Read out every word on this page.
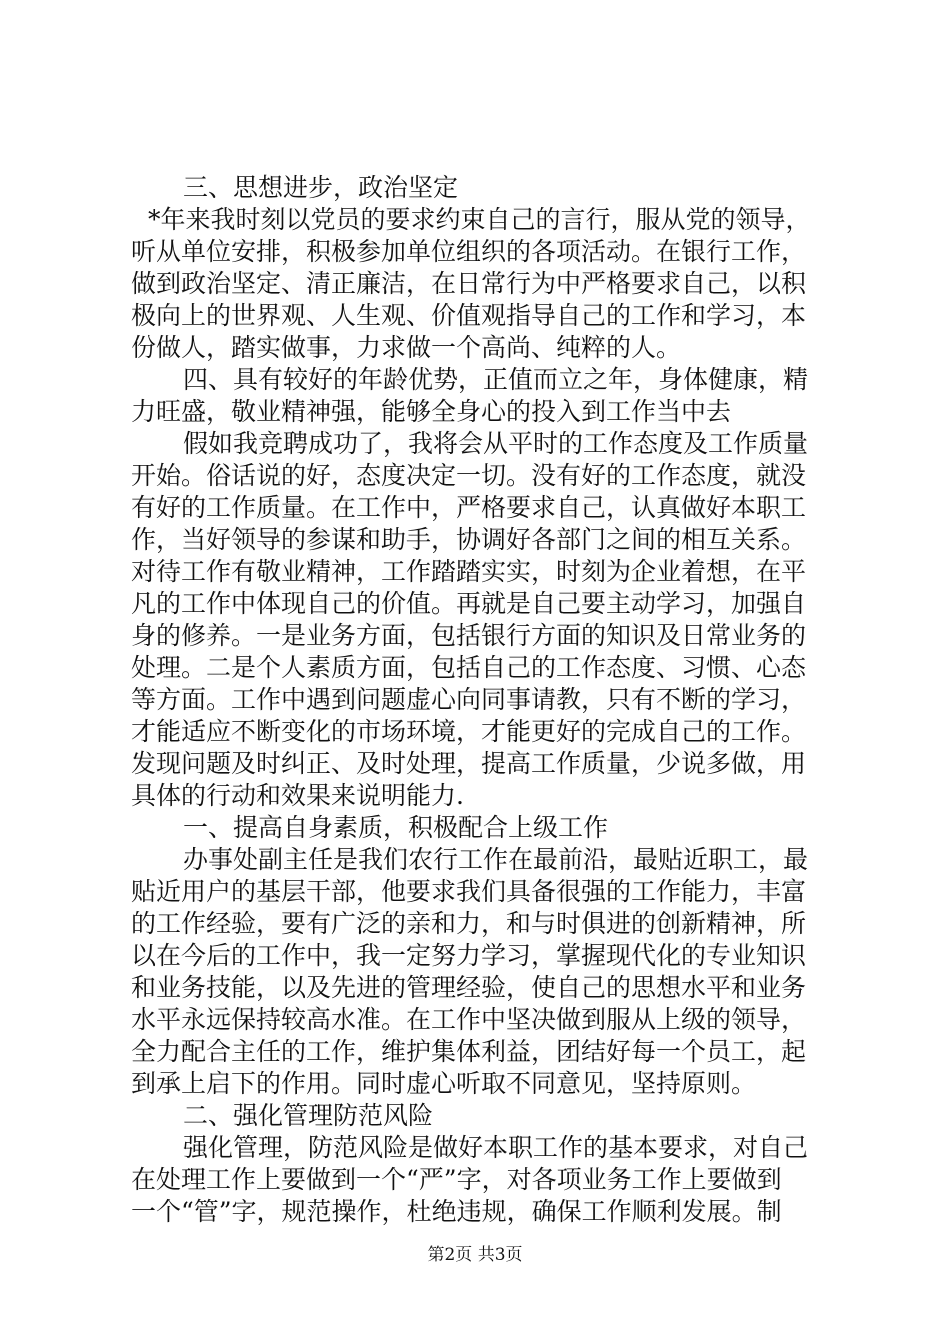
三、思想进步，政治坚定
*年来我时刻以党员的要求约束自己的言行，服从党的领导，
听从单位安排，积极参加单位组织的各项活动。在银行工作，
做到政治坚定、清正廉洁，在日常行为中严格要求自己，以积
极向上的世界观、人生观、价值观指导自己的工作和学习，本
份做人，踏实做事，力求做一个高尚、纯粹的人。
四、具有较好的年龄优势，正值而立之年，身体健康，精
力旺盛，敬业精神强，能够全身心的投入到工作当中去
假如我竞聘成功了，我将会从平时的工作态度及工作质量
开始。俗话说的好，态度决定一切。没有好的工作态度，就没
有好的工作质量。在工作中，严格要求自己，认真做好本职工
作，当好领导的参谋和助手，协调好各部门之间的相互关系。
对待工作有敬业精神，工作踏踏实实，时刻为企业着想，在平
凡的工作中体现自己的价值。再就是自己要主动学习，加强自
身的修养。一是业务方面，包括银行方面的知识及日常业务的
处理。二是个人素质方面，包括自己的工作态度、习惯、心态
等方面。工作中遇到问题虚心向同事请教，只有不断的学习，
才能适应不断变化的市场环境，才能更好的完成自己的工作。
发现问题及时纠正、及时处理，提高工作质量，少说多做，用
具体的行动和效果来说明能力.
一、提高自身素质，积极配合上级工作
办事处副主任是我们农行工作在最前沿，最贴近职工，最
贴近用户的基层干部，他要求我们具备很强的工作能力，丰富
的工作经验，要有广泛的亲和力，和与时俱进的创新精神，所
以在今后的工作中，我一定努力学习，掌握现代化的专业知识
和业务技能，以及先进的管理经验，使自己的思想水平和业务
水平永远保持较高水准。在工作中坚决做到服从上级的领导，
全力配合主任的工作，维护集体利益，团结好每一个员工，起
到承上启下的作用。同时虚心听取不同意见，坚持原则。
二、强化管理防范风险
强化管理，防范风险是做好本职工作的基本要求，对自己
在处理工作上要做到一个“严”字，对各项业务工作上要做到
一个“管”字，规范操作，杜绝违规，确保工作顺利发展。制
第2页 共3页
